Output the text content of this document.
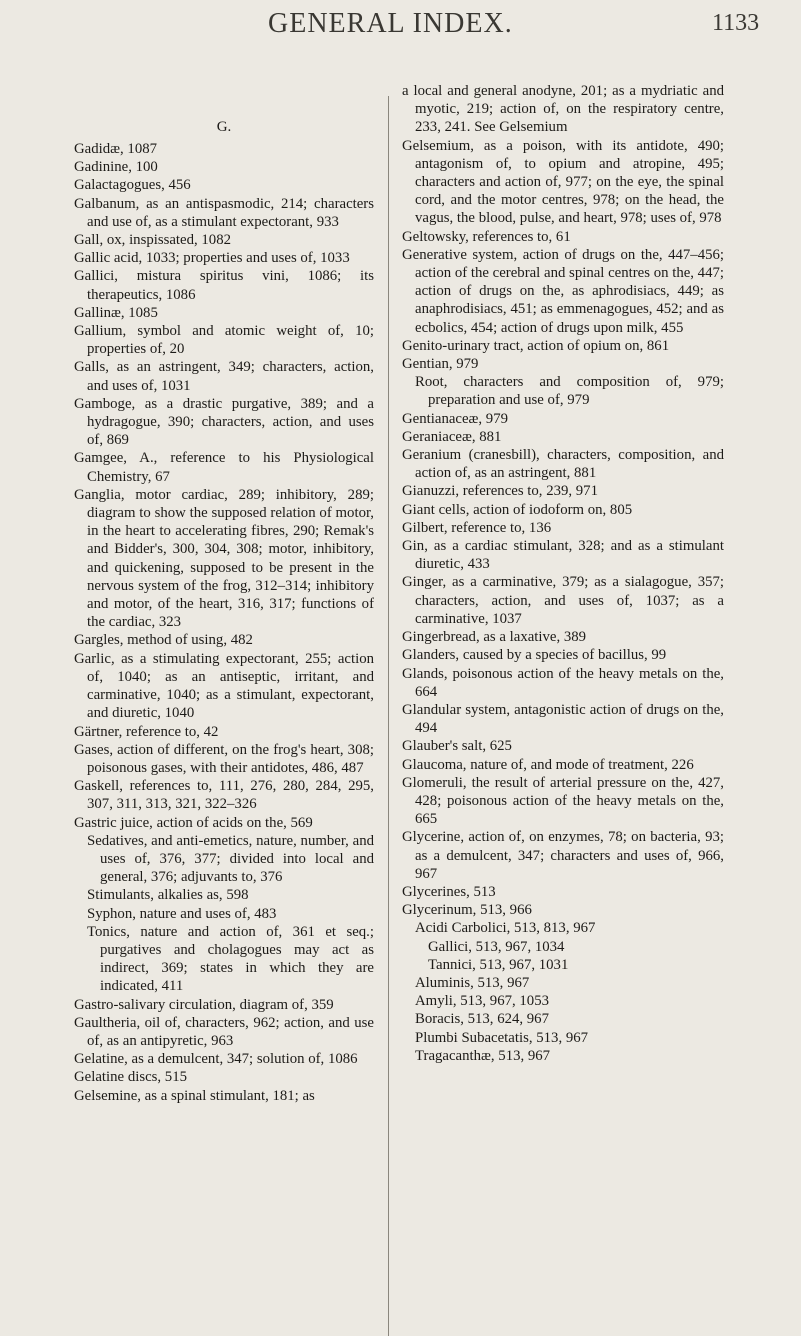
GENERAL INDEX.	1133
G.

Gadidæ, 1087

Gadinine, 100

Galactagogues, 456

Galbanum, as an antispasmodic, 214; characters and use of, as a stimulant expectorant, 933

Gall, ox, inspissated, 1082

Gallic acid, 1033; properties and uses of, 1033

Gallici, mistura spiritus vini, 1086; its therapeutics, 1086

Gallinæ, 1085

Gallium, symbol and atomic weight of, 10; properties of, 20

Galls, as an astringent, 349; characters, action, and uses of, 1031

Gamboge, as a drastic purgative, 389; and a hydragogue, 390; characters, action, and uses of, 869

Gamgee, A., reference to his Physiological Chemistry, 67

Ganglia, motor cardiac, 289; inhibitory, 289; diagram to show the supposed relation of motor, in the heart to accelerating fibres, 290; Remak's and Bidder's, 300, 304, 308; motor, inhibitory, and quickening, supposed to be present in the nervous system of the frog, 312–314; inhibitory and motor, of the heart, 316, 317; functions of the cardiac, 323

Gargles, method of using, 482

Garlic, as a stimulating expectorant, 255; action of, 1040; as an antiseptic, irritant, and carminative, 1040; as a stimulant, expectorant, and diuretic, 1040

Gärtner, reference to, 42

Gases, action of different, on the frog's heart, 308; poisonous gases, with their antidotes, 486, 487

Gaskell, references to, 111, 276, 280, 284, 295, 307, 311, 313, 321, 322–326

Gastric juice, action of acids on the, 569

Sedatives, and anti-emetics, nature, number, and uses of, 376, 377; divided into local and general, 376; adjuvants to, 376

Stimulants, alkalies as, 598

Syphon, nature and uses of, 483

Tonics, nature and action of, 361 et seq.; purgatives and cholagogues may act as indirect, 369; states in which they are indicated, 411

Gastro-salivary circulation, diagram of, 359

Gaultheria, oil of, characters, 962; action, and use of, as an antipyretic, 963

Gelatine, as a demulcent, 347; solution of, 1086

Gelatine discs, 515

Gelsemine, as a spinal stimulant, 181; as

a local and general anodyne, 201; as a mydriatic and myotic, 219; action of, on the respiratory centre, 233, 241. See Gelsemium

Gelsemium, as a poison, with its antidote, 490; antagonism of, to opium and atropine, 495; characters and action of, 977; on the eye, the spinal cord, and the motor centres, 978; on the head, the vagus, the blood, pulse, and heart, 978; uses of, 978

Geltowsky, references to, 61

Generative system, action of drugs on the, 447–456; action of the cerebral and spinal centres on the, 447; action of drugs on the, as aphrodisiacs, 449; as anaphrodisiacs, 451; as emmenagogues, 452; and as ecbolics, 454; action of drugs upon milk, 455

Genito-urinary tract, action of opium on, 861

Gentian, 979

Root, characters and composition of, 979; preparation and use of, 979

Gentianaceæ, 979

Geraniaceæ, 881

Geranium (cranesbill), characters, composition, and action of, as an astringent, 881

Gianuzzi, references to, 239, 971

Giant cells, action of iodoform on, 805

Gilbert, reference to, 136

Gin, as a cardiac stimulant, 328; and as a stimulant diuretic, 433

Ginger, as a carminative, 379; as a sialagogue, 357; characters, action, and uses of, 1037; as a carminative, 1037

Gingerbread, as a laxative, 389

Glanders, caused by a species of bacillus, 99

Glands, poisonous action of the heavy metals on the, 664

Glandular system, antagonistic action of drugs on the, 494

Glauber's salt, 625

Glaucoma, nature of, and mode of treatment, 226

Glomeruli, the result of arterial pressure on the, 427, 428; poisonous action of the heavy metals on the, 665

Glycerine, action of, on enzymes, 78; on bacteria, 93; as a demulcent, 347; characters and uses of, 966, 967

Glycerines, 513

Glycerinum, 513, 966

Acidi Carbolici, 513, 813, 967

Gallici, 513, 967, 1034

Tannici, 513, 967, 1031

Aluminis, 513, 967

Amyli, 513, 967, 1053

Boracis, 513, 624, 967

Plumbi Subacetatis, 513, 967

Tragacanthæ, 513, 967
